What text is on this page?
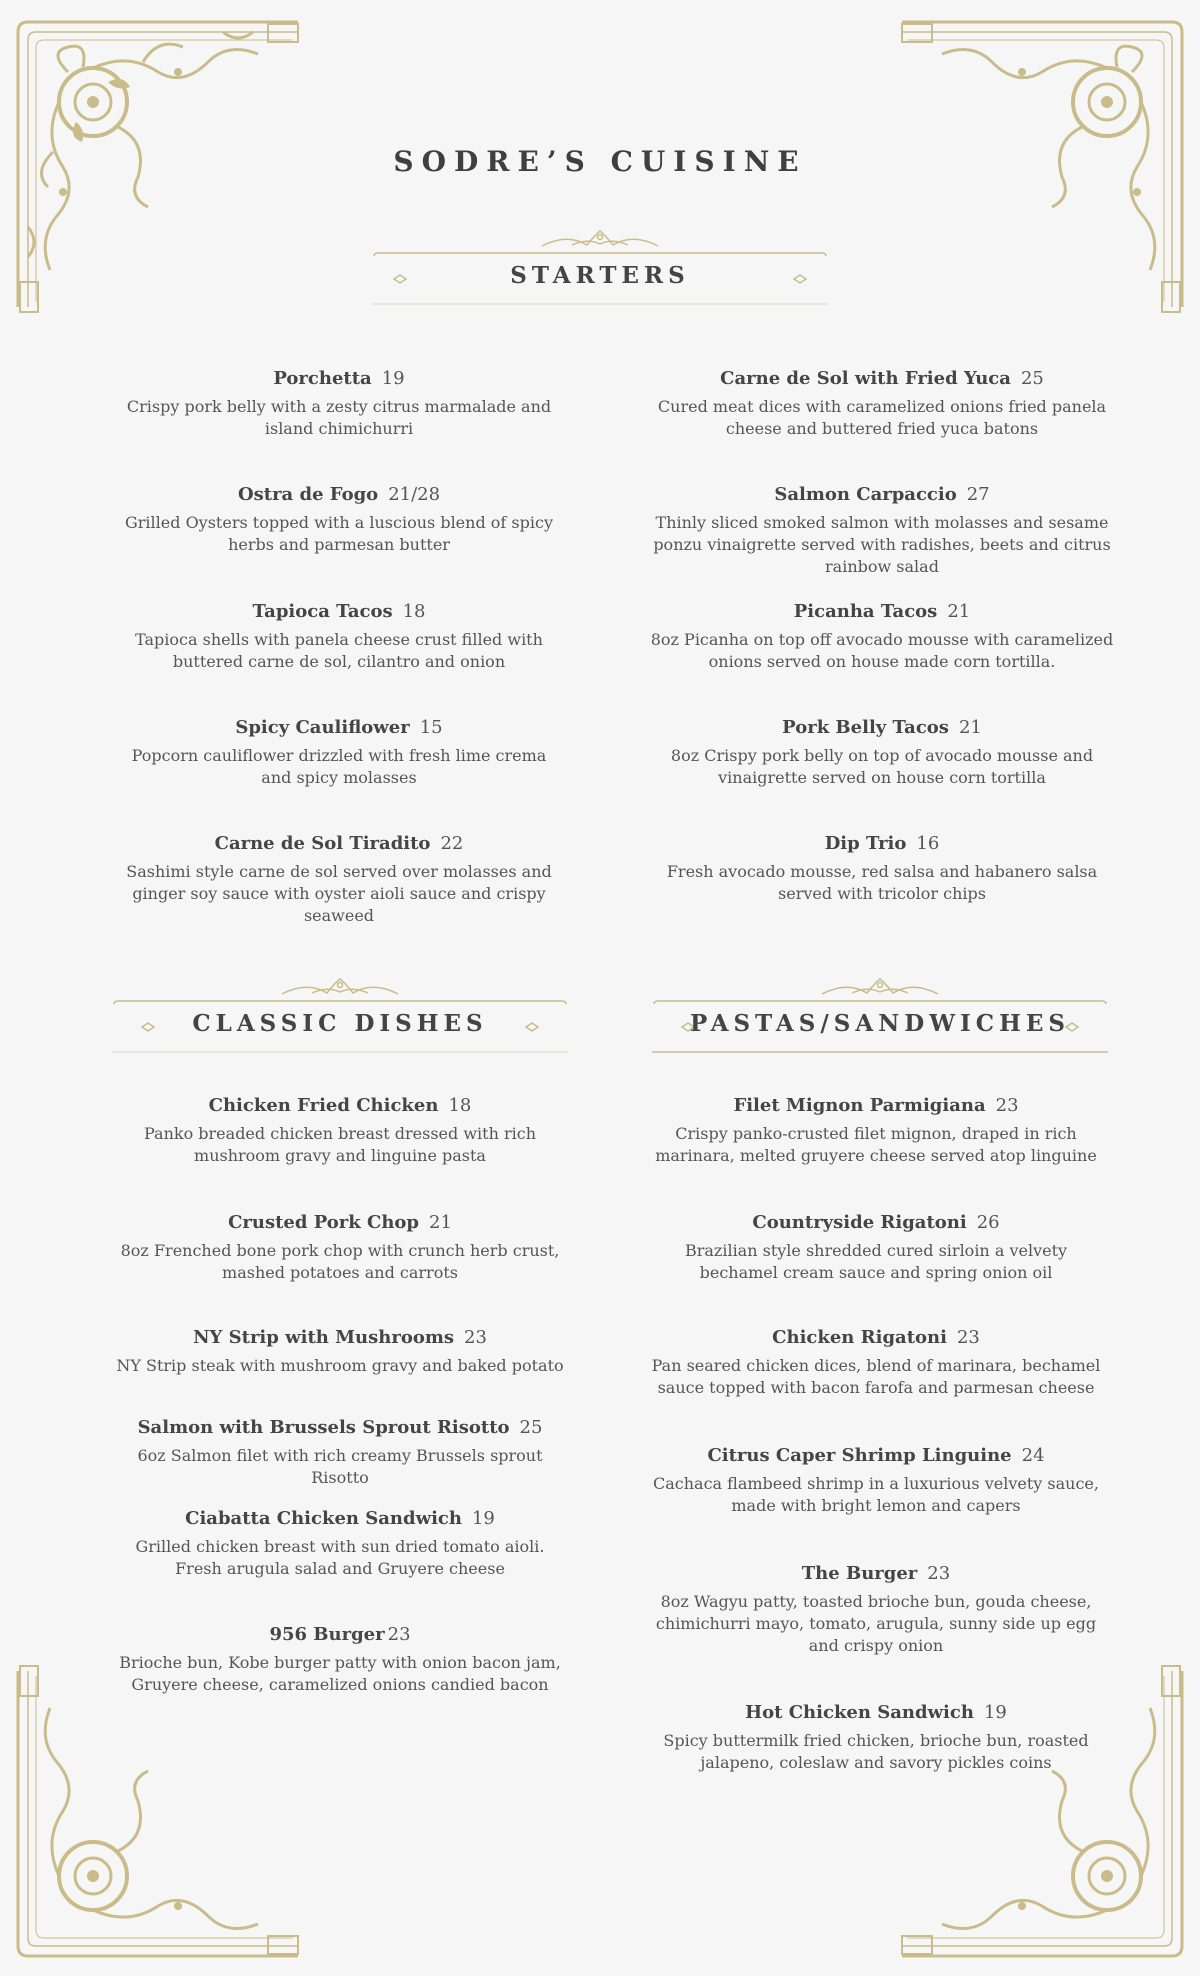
SODRE’S CUISINE
STARTERS
Porchetta 19
Crispy pork belly with a zesty citrus marmalade and island chimichurri
Ostra de Fogo 21/28
Grilled Oysters topped with a luscious blend of spicy herbs and parmesan butter
Tapioca Tacos 18
Tapioca shells with panela cheese crust filled with buttered carne de sol, cilantro and onion
Spicy Cauliflower 15
Popcorn cauliflower drizzled with fresh lime crema and spicy molasses
Carne de Sol Tiradito 22
Sashimi style carne de sol served over molasses and ginger soy sauce with oyster aioli sauce and crispy seaweed
Carne de Sol with Fried Yuca 25
Cured meat dices with caramelized onions fried panela cheese and buttered fried yuca batons
Salmon Carpaccio 27
Thinly sliced smoked salmon with molasses and sesame ponzu vinaigrette served with radishes, beets and citrus rainbow salad
Picanha Tacos 21
8oz Picanha on top off avocado mousse with caramelized onions served on house made corn tortilla.
Pork Belly Tacos 21
8oz Crispy pork belly on top of avocado mousse and vinaigrette served on house corn tortilla
Dip Trio 16
Fresh avocado mousse, red salsa and habanero salsa served with tricolor chips
CLASSIC DISHES
Chicken Fried Chicken 18
Panko breaded chicken breast dressed with rich mushroom gravy and linguine pasta
Crusted Pork Chop 21
8oz Frenched bone pork chop with crunch herb crust, mashed potatoes and carrots
NY Strip with Mushrooms 23
NY Strip steak with mushroom gravy and baked potato
Salmon with Brussels Sprout Risotto 25
6oz Salmon filet with rich creamy Brussels sprout Risotto
Ciabatta Chicken Sandwich 19
Grilled chicken breast with sun dried tomato aioli. Fresh arugula salad and Gruyere cheese
956 Burger 23
Brioche bun, Kobe burger patty with onion bacon jam, Gruyere cheese, caramelized onions candied bacon
PASTAS/SANDWICHES
Filet Mignon Parmigiana 23
Crispy panko-crusted filet mignon, draped in rich marinara, melted gruyere cheese served atop linguine
Countryside Rigatoni 26
Brazilian style shredded cured sirloin a velvety bechamel cream sauce and spring onion oil
Chicken Rigatoni 23
Pan seared chicken dices, blend of marinara, bechamel sauce topped with bacon farofa and parmesan cheese
Citrus Caper Shrimp Linguine 24
Cachaca flambeed shrimp in a luxurious velvety sauce, made with bright lemon and capers
The Burger 23
8oz Wagyu patty, toasted brioche bun, gouda cheese, chimichurri mayo, tomato, arugula, sunny side up egg and crispy onion
Hot Chicken Sandwich 19
Spicy buttermilk fried chicken, brioche bun, roasted jalapeno, coleslaw and savory pickles coins
